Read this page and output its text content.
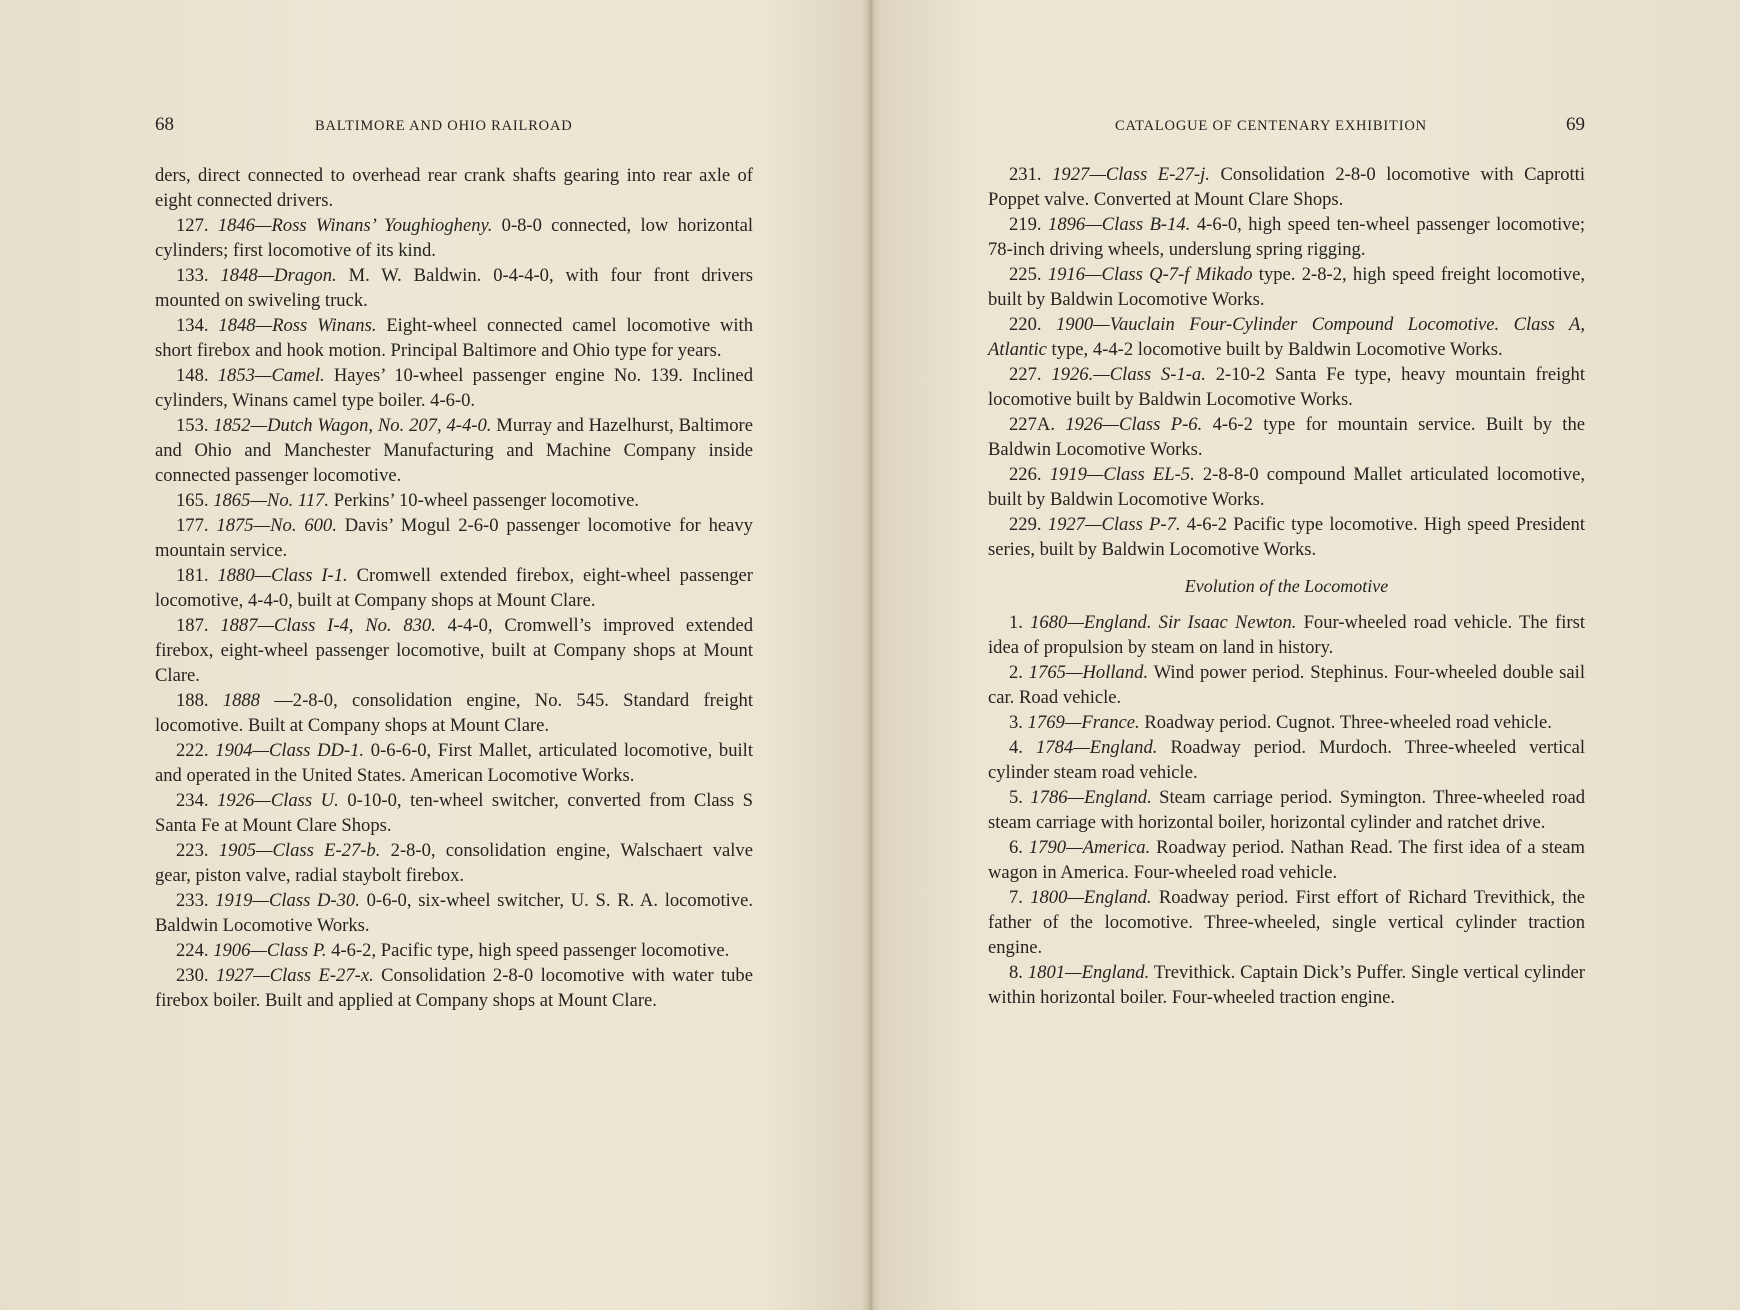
68	BALTIMORE AND OHIO RAILROAD

ders, direct connected to overhead rear crank shafts gearing into rear axle of eight connected drivers.

127. 1846—Ross Winans’ Youghiogheny. 0-8-0 connected, low horizontal cylinders; first locomotive of its kind.

133. 1848—Dragon. M. W. Baldwin. 0-4-4-0, with four front drivers mounted on swiveling truck.

134. 1848—Ross Winans. Eight-wheel connected camel locomotive with short firebox and hook motion. Principal Baltimore and Ohio type for years.

148. 1853—Camel. Hayes’ 10-wheel passenger engine No. 139. Inclined cylinders, Winans camel type boiler. 4-6-0.

153. 1852—Dutch Wagon, No. 207, 4-4-0. Murray and Hazelhurst, Baltimore and Ohio and Manchester Manufacturing and Machine Company inside connected passenger locomotive.

165. 1865—No. 117. Perkins’ 10-wheel passenger locomotive.

177. 1875—No. 600. Davis’ Mogul 2-6-0 passenger locomotive for heavy mountain service.

181. 1880—Class I-1. Cromwell extended firebox, eight-wheel passenger locomotive, 4-4-0, built at Company shops at Mount Clare.

187. 1887—Class I-4, No. 830. 4-4-0, Cromwell’s improved extended firebox, eight-wheel passenger locomotive, built at Company shops at Mount Clare.

188. 1888 —2-8-0, consolidation engine, No. 545. Standard freight locomotive. Built at Company shops at Mount Clare.

222. 1904—Class DD-1. 0-6-6-0, First Mallet, articulated locomotive, built and operated in the United States. American Locomotive Works.

234. 1926—Class U. 0-10-0, ten-wheel switcher, converted from Class S Santa Fe at Mount Clare Shops.

223. 1905—Class E-27-b. 2-8-0, consolidation engine, Walschaert valve gear, piston valve, radial staybolt firebox.

233. 1919—Class D-30. 0-6-0, six-wheel switcher, U. S. R. A. locomotive. Baldwin Locomotive Works.

224. 1906—Class P. 4-6-2, Pacific type, high speed passenger locomotive.

230. 1927—Class E-27-x. Consolidation 2-8-0 locomotive with water tube firebox boiler. Built and applied at Company shops at Mount Clare.

CATALOGUE OF CENTENARY EXHIBITION	69

231. 1927—Class E-27-j. Consolidation 2-8-0 locomotive with Caprotti Poppet valve. Converted at Mount Clare Shops.

219. 1896—Class B-14. 4-6-0, high speed ten-wheel passenger locomotive; 78-inch driving wheels, underslung spring rigging.

225. 1916—Class Q-7-f Mikado type. 2-8-2, high speed freight locomotive, built by Baldwin Locomotive Works.

220. 1900—Vauclain Four-Cylinder Compound Locomotive. Class A, Atlantic type, 4-4-2 locomotive built by Baldwin Locomotive Works.

227. 1926.—Class S-1-a. 2-10-2 Santa Fe type, heavy mountain freight locomotive built by Baldwin Locomotive Works.

227A. 1926—Class P-6. 4-6-2 type for mountain service. Built by the Baldwin Locomotive Works.

226. 1919—Class EL-5. 2-8-8-0 compound Mallet articulated locomotive, built by Baldwin Locomotive Works.

229. 1927—Class P-7. 4-6-2 Pacific type locomotive. High speed President series, built by Baldwin Locomotive Works.

Evolution of the Locomotive

1. 1680—England. Sir Isaac Newton. Four-wheeled road vehicle. The first idea of propulsion by steam on land in history.

2. 1765—Holland. Wind power period. Stephinus. Four-wheeled double sail car. Road vehicle.

3. 1769—France. Roadway period. Cugnot. Three-wheeled road vehicle.

4. 1784—England. Roadway period. Murdoch. Three-wheeled vertical cylinder steam road vehicle.

5. 1786—England. Steam carriage period. Symington. Three-wheeled road steam carriage with horizontal boiler, horizontal cylinder and ratchet drive.

6. 1790—America. Roadway period. Nathan Read. The first idea of a steam wagon in America. Four-wheeled road vehicle.

7. 1800—England. Roadway period. First effort of Richard Trevithick, the father of the locomotive. Three-wheeled, single vertical cylinder traction engine.

8. 1801—England. Trevithick. Captain Dick’s Puffer. Single vertical cylinder within horizontal boiler. Four-wheeled traction engine.
